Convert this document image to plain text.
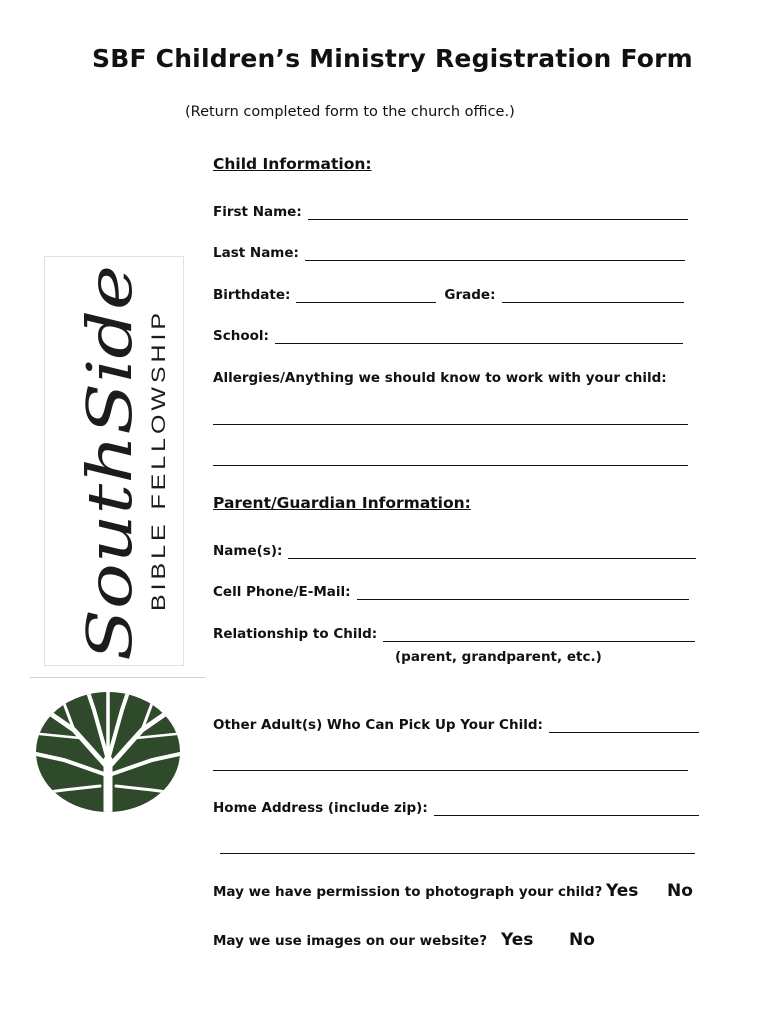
SBF Children’s Ministry Registration Form
(Return completed form to the church office.)
SouthSide BIBLE FELLOWSHIP
Child Information:
First Name:
Last Name:
Birthdate:	Grade:
School:
Allergies/Anything we should know to work with your child:
Parent/Guardian Information:
Name(s):
Cell Phone/E-Mail:
Relationship to Child:
(parent, grandparent, etc.)
Other Adult(s) Who Can Pick Up Your Child:
Home Address (include zip):
May we have permission to photograph your child? Yes No
May we use images on our website? Yes No
